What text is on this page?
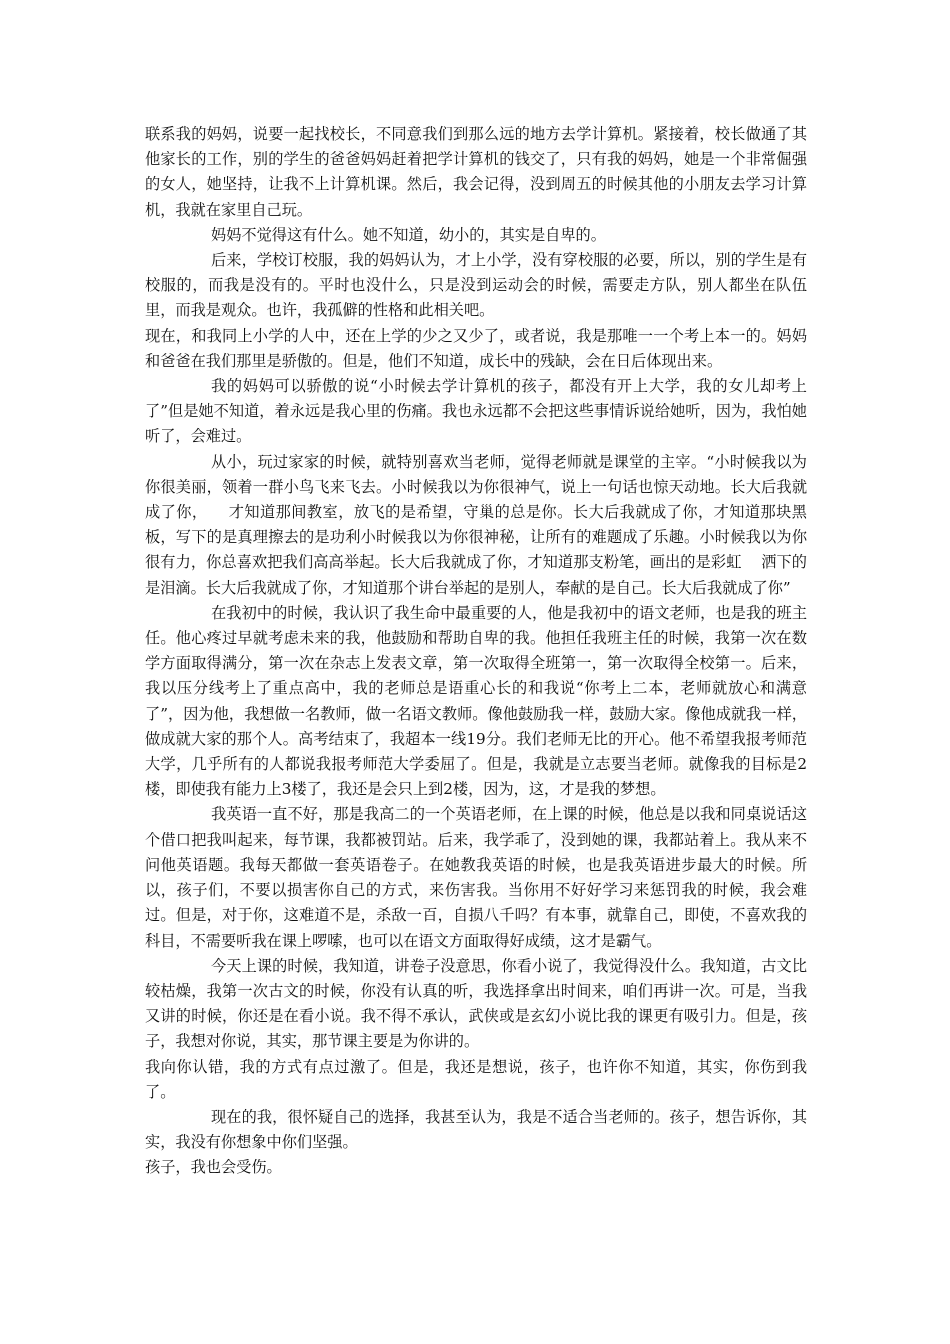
联系我的妈妈，说要一起找校长，不同意我们到那么远的地方去学计算机。紧接着，校长做通了其他家长的工作，别的学生的爸爸妈妈赶着把学计算机的钱交了，只有我的妈妈，她是一个非常倔强的女人，她坚持，让我不上计算机课。然后，我会记得，没到周五的时候其他的小朋友去学习计算机，我就在家里自己玩。

妈妈不觉得这有什么。她不知道，幼小的，其实是自卑的。

后来，学校订校服，我的妈妈认为，才上小学，没有穿校服的必要，所以，别的学生是有校服的，而我是没有的。平时也没什么，只是没到运动会的时候，需要走方队，别人都坐在队伍里，而我是观众。也许，我孤僻的性格和此相关吧。

现在，和我同上小学的人中，还在上学的少之又少了，或者说，我是那唯一一个考上本一的。妈妈和爸爸在我们那里是骄傲的。但是，他们不知道，成长中的残缺，会在日后体现出来。

我的妈妈可以骄傲的说“小时候去学计算机的孩子，都没有开上大学，我的女儿却考上了”但是她不知道，着永远是我心里的伤痛。我也永远都不会把这些事情诉说给她听，因为，我怕她听了，会难过。

从小，玩过家家的时候，就特别喜欢当老师，觉得老师就是课堂的主宰。“小时候我以为你很美丽，领着一群小鸟飞来飞去。小时候我以为你很神气，说上一句话也惊天动地。长大后我就成了你，    才知道那间教室，放飞的是希望，守巢的总是你。长大后我就成了你，才知道那块黑板，写下的是真理擦去的是功利小时候我以为你很神秘，让所有的难题成了乐趣。小时候我以为你很有力，你总喜欢把我们高高举起。长大后我就成了你，才知道那支粉笔，画出的是彩虹    洒下的是泪滴。长大后我就成了你，才知道那个讲台举起的是别人，奉献的是自己。长大后我就成了你”

在我初中的时候，我认识了我生命中最重要的人，他是我初中的语文老师，也是我的班主任。他心疼过早就考虑未来的我，他鼓励和帮助自卑的我。他担任我班主任的时候，我第一次在数学方面取得满分，第一次在杂志上发表文章，第一次取得全班第一，第一次取得全校第一。后来，我以压分线考上了重点高中，我的老师总是语重心长的和我说“你考上二本，老师就放心和满意了”，因为他，我想做一名教师，做一名语文教师。像他鼓励我一样，鼓励大家。像他成就我一样，做成就大家的那个人。高考结束了，我超本一线19分。我们老师无比的开心。他不希望我报考师范大学，几乎所有的人都说我报考师范大学委屈了。但是，我就是立志要当老师。就像我的目标是2楼，即使我有能力上3楼了，我还是会只上到2楼，因为，这，才是我的梦想。

我英语一直不好，那是我高二的一个英语老师，在上课的时候，他总是以我和同桌说话这个借口把我叫起来，每节课，我都被罚站。后来，我学乖了，没到她的课，我都站着上。我从来不问他英语题。我每天都做一套英语卷子。在她教我英语的时候，也是我英语进步最大的时候。所以，孩子们，不要以损害你自己的方式，来伤害我。当你用不好好学习来惩罚我的时候，我会难过。但是，对于你，这难道不是，杀敌一百，自损八千吗？有本事，就靠自己，即使，不喜欢我的科目，不需要听我在课上啰嗦，也可以在语文方面取得好成绩，这才是霸气。

今天上课的时候，我知道，讲卷子没意思，你看小说了，我觉得没什么。我知道，古文比较枯燥，我第一次古文的时候，你没有认真的听，我选择拿出时间来，咱们再讲一次。可是，当我又讲的时候，你还是在看小说。我不得不承认，武侠或是玄幻小说比我的课更有吸引力。但是，孩子，我想对你说，其实，那节课主要是为你讲的。

我向你认错，我的方式有点过激了。但是，我还是想说，孩子，也许你不知道，其实，你伤到我了。

现在的我，很怀疑自己的选择，我甚至认为，我是不适合当老师的。孩子，想告诉你，其实，我没有你想象中你们坚强。

孩子，我也会受伤。
